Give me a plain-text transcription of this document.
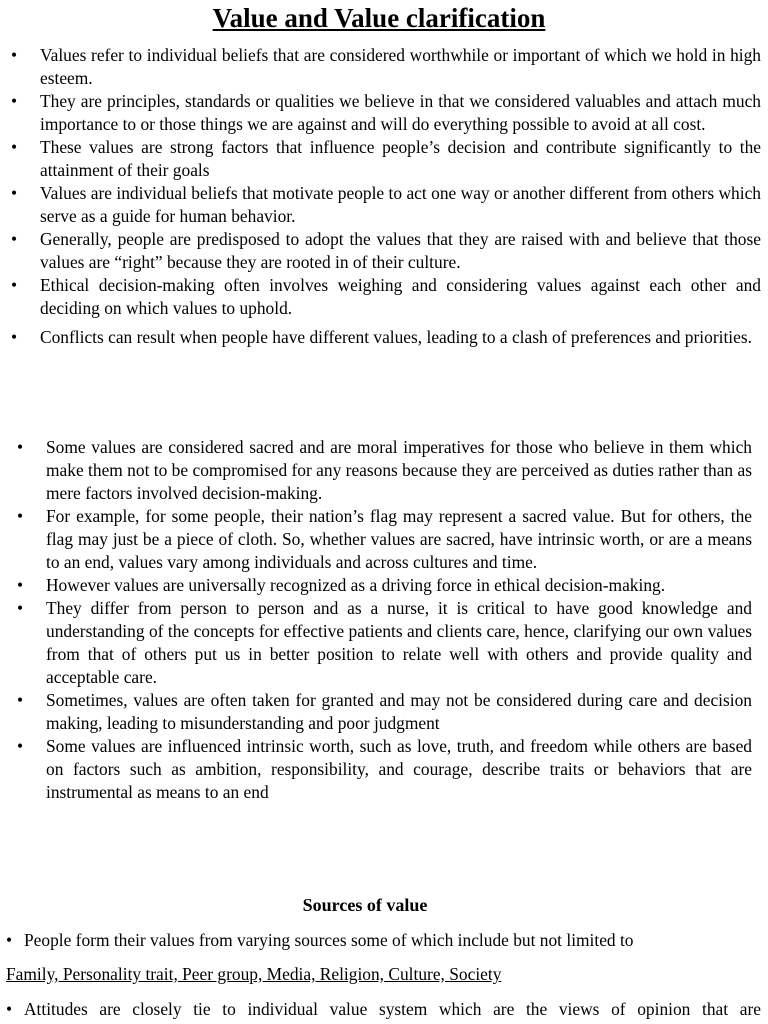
Value and Value clarification
• Values refer to individual beliefs that are considered worthwhile or important of which we hold in high esteem.
• They are principles, standards or qualities we believe in that we considered valuables and attach much importance to or those things we are against and will do everything possible to avoid at all cost.
• These values are strong factors that influence people’s decision and contribute significantly to the attainment of their goals
• Values are individual beliefs that motivate people to act one way or another different from others which serve as a guide for human behavior.
• Generally, people are predisposed to adopt the values that they are raised with and believe that those values are “right” because they are rooted in of their culture.
• Ethical decision-making often involves weighing and considering values against each other and deciding on which values to uphold.
• Conflicts can result when people have different values, leading to a clash of preferences and priorities.
• Some values are considered sacred and are moral imperatives for those who believe in them which make them not to be compromised for any reasons because they are perceived as duties rather than as mere factors involved decision-making.
• For example, for some people, their nation’s flag may represent a sacred value. But for others, the flag may just be a piece of cloth. So, whether values are sacred, have intrinsic worth, or are a means to an end, values vary among individuals and across cultures and time.
• However values are universally recognized as a driving force in ethical decision-making.
• They differ from person to person and as a nurse, it is critical to have good knowledge and understanding of the concepts for effective patients and clients care, hence, clarifying our own values from that of others put us in better position to relate well with others and provide quality and acceptable care.
• Sometimes, values are often taken for granted and may not be considered during care and decision making, leading to misunderstanding and poor judgment
• Some values are influenced intrinsic worth, such as love, truth, and freedom while others are based on factors such as ambition, responsibility, and courage, describe traits or behaviors that are instrumental as means to an end
Sources of value
• People form their values from varying sources some of which include but not limited to
Family, Personality trait, Peer group, Media, Religion, Culture, Society
• Attitudes are closely tie to individual value system which are the views of opinion that are
